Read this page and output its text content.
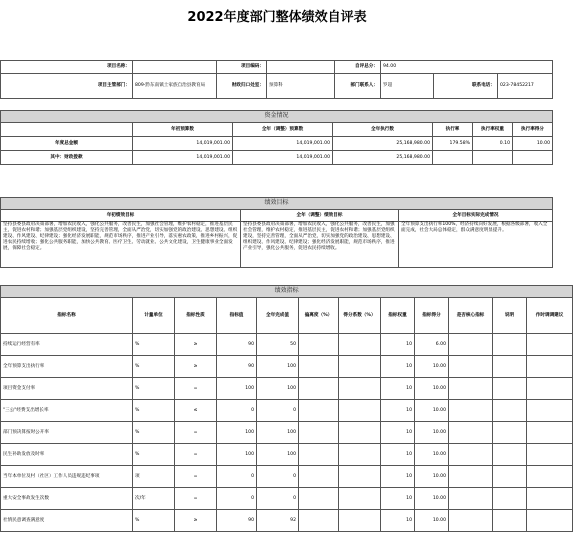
2022年度部门整体绩效自评表
项目名称：		项目编码：		自评总分：	94.00		
项目主管部门：	809-黔东南镇土家族自治县教育局	财政归口处室：	预算科	部门联系人：	罗超	联系电话：	023-78452217
资金情况						
	年初预算数	全年（调整）预算数	全年执行数	执行率	执行率权重	执行率得分
年度总金额	14,019,001.00	14,019,001.00	25,168,980.00	179.58%	0.10	10.00
其中：财政拨款	14,019,001.00	14,019,001.00	25,168,980.00			
绩效目标		
年初绩效目标	全年（调整）绩效目标	全年目标实际完成情况
坚持县委县政府决策部署，增加农民收入，强化公共服务，改善民生，加强社会管理，维护农村稳定，推进基层民主，促进农村和谐；加强基层党组织建设，坚持完善管理，全面从严治党，切实加强党的政治建设、思想建设、组织建设、作风建设、纪律建设；强化经济发展职能，规范市场秩序，推进产业引导，落实惠农政策，推进乡村振兴，促进农民持续增收；强化公共服务职能，加快公共教育、医疗卫生、劳动就业、公共文化建设，卫生健康事业全面发展，保障社会稳定。	坚持县委县政府决策部署，增加农民收入，强化公共服务，改善民生，加强社会管理，维护农村稳定，推进基层民主，促进农村和谐；加强基层党组织建设，坚持完善管理，全面从严治党，切实加强党的政治建设、思想建设、组织建设、作风建设、纪律建设；强化经济发展职能，规范市场秩序，推进产业引导，强化公共服务，促进农民持续增收。	全年预算支出执行率100%，经济持续向好发展，根据各级部署，收入全面完成，社会大局总体稳定，群众满意度明显提升。
绩效指标											
指标名称	计量单位	指标性质	指标值	全年完成值	偏离度（%）	得分系数（%）	指标权重	指标得分	是否核心指标	说明	作时调调建议
持续运行经营有率	%	≥	90	50			10	6.00			
全年预算支出执行率	%	≥	90	100			10	10.00			
项目资金支付率	%	=	100	100			10	10.00			
"三公"经费支出增长率	%	≤	0	0			10	10.00			
部门预决算按时公开率	%	=	100	100			10	10.00			
民生补助发放及时率	%	=	100	100			10	10.00			
当年本单位及村（社区）工作人员违规违纪事项	项	=	0	0			10	10.00			
重大安全事故发生次数	次/年	=	0	0			10	10.00			
社情民意调查满意度	%	≥	90	92			10	10.00			
